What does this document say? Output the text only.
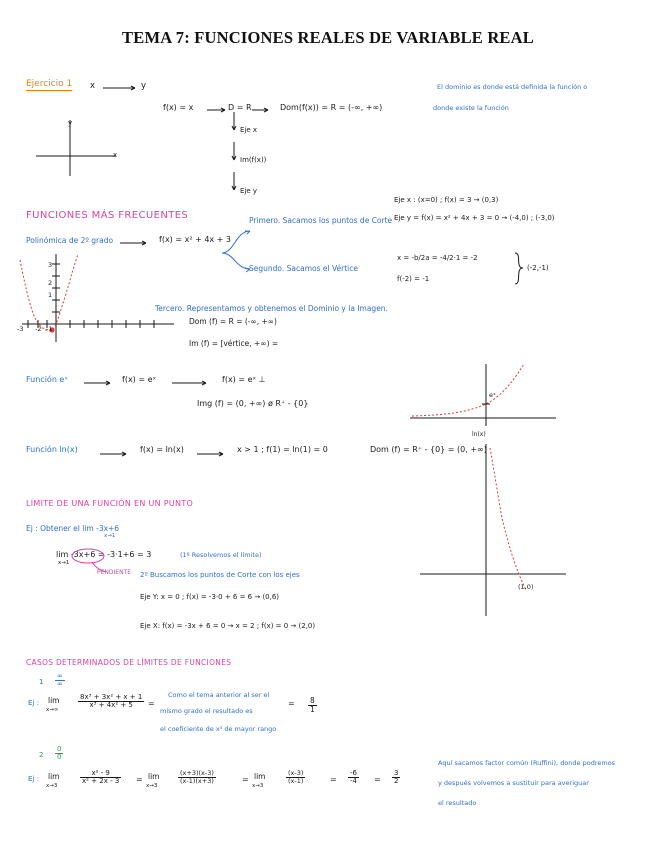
TEMA 7: FUNCIONES REALES DE VARIABLE REAL
Ejercicio 1 x	y
f(x) = x	D = R	Dom(f(x)) = R = (-∞, +∞)
El dominio es donde está definida la función o
donde existe la función
Eje x
Im(f(x))
Eje y
y
x
FUNCIONES MÁS FRECUENTES
Polinómica de 2º grado	f(x) = x² + 4x + 3
Primero. Sacamos los puntos de Corte
Segundo. Sacamos el Vértice
Tercero. Representamos y obtenemos el Dominio y la Imagen.
Eje x : (x=0) ; f(x) = 3 → (0,3)
Eje y = f(x) = x² + 4x + 3 = 0 → (-4,0) ; (-3,0)
x = -b/2a = -4/2·1 = -2
f(-2) = -1
(-2,-1)
-3 -2 -1
1
2
3
Dom (f) = R = (-∞, +∞)
Im (f) = [vértice, +∞) =
Función eˣ	f(x) = eˣ	f(x) = eˣ ⊥
Img (f) = (0, +∞) ø R⁺ - {0}
eˣ
Función ln(x)	f(x) = ln(x)	x > 1 ; f(1) = ln(1) = 0	Dom (f) = R⁺ - {0} = (0, +∞)
ln(x)
(1,0)
LÍMITE DE UNA FUNCIÓN EN UN PUNTO
Ej : Obtener el lim -3x+6
x→1
lim -3x+6 = -3·1+6 = 3
x→1
(1º Resolvemos el límite)
PENDIENTE 2º Buscamos los puntos de Corte con los ejes
Eje Y: x = 0 ; f(x) = -3·0 + 6 = 6 → (0,6)
Eje X: f(x) = -3x + 6 = 0 → x = 2 ; f(x) = 0 → (2,0)
CASOS DETERMINADOS DE LÍMITES DE FUNCIONES
1
∞
∞
Ej : lim
x→∞
$\frac{\text{8x³ + 3x² + x + 1}}{\text{x³ + 4x² + 5}}$ =
Como el tema anterior al ser el
mismo grado el resultado es
el coeficiente de x³ de mayor rango
= $\frac{8}{1}$
$2 \frac{0}{0}$
Ej : lim
x→3
$\frac{\text{x² - 9}}{\text{x² + 2x - 3}} = \lim$
x→3
$\frac{(x+3)(x-3)}{(x-1)(x+3)}$	= lim
x→3
$\frac{(x-3)}{(x-1)}$	= $\frac{-6}{-4} = \frac{3}{2}$
Aquí sacamos factor común (Ruffini), donde podremos
y después volvemos a sustituir para averiguar
el resultado
